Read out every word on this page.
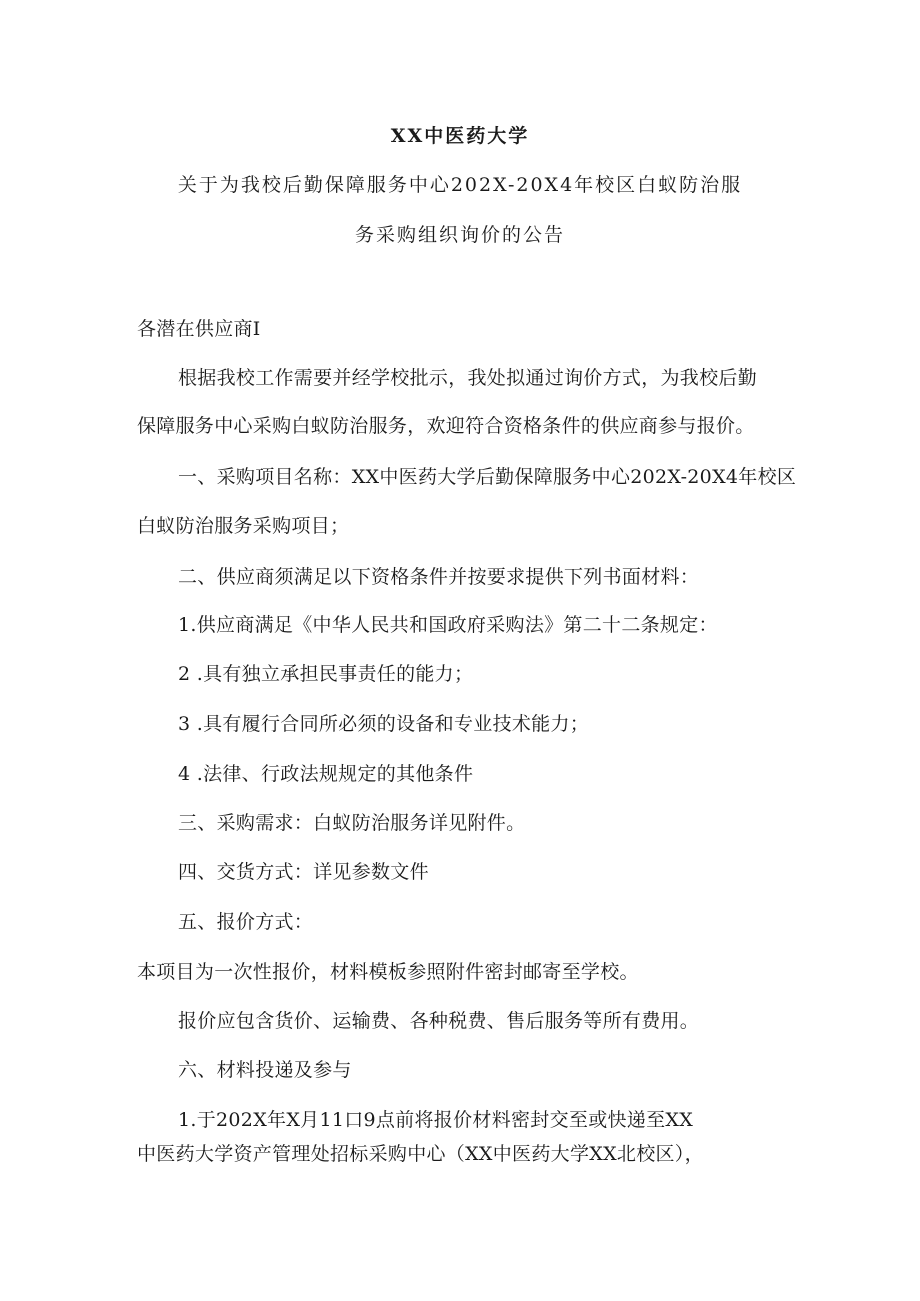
XX中医药大学
关于为我校后勤保障服务中心202X-20X4年校区白蚁防治服
务采购组织询价的公告
各潜在供应商I
根据我校工作需要并经学校批示，我处拟通过询价方式，为我校后勤
保障服务中心采购白蚁防治服务，欢迎符合资格条件的供应商参与报价。
一、采购项目名称：XX中医药大学后勤保障服务中心202X-20X4年校区
白蚁防治服务采购项目；
二、供应商须满足以下资格条件并按要求提供下列书面材料：
1.供应商满足《中华人民共和国政府采购法》第二十二条规定：
2 .具有独立承担民事责任的能力；
3 .具有履行合同所必须的设备和专业技术能力；
4 .法律、行政法规规定的其他条件
三、采购需求：白蚁防治服务详见附件。
四、交货方式：详见参数文件
五、报价方式：
本项目为一次性报价，材料模板参照附件密封邮寄至学校。
报价应包含货价、运输费、各种税费、售后服务等所有费用。
六、材料投递及参与
1.于202X年X月11口9点前将报价材料密封交至或快递至XX
中医药大学资产管理处招标采购中心（XX中医药大学XX北校区），
